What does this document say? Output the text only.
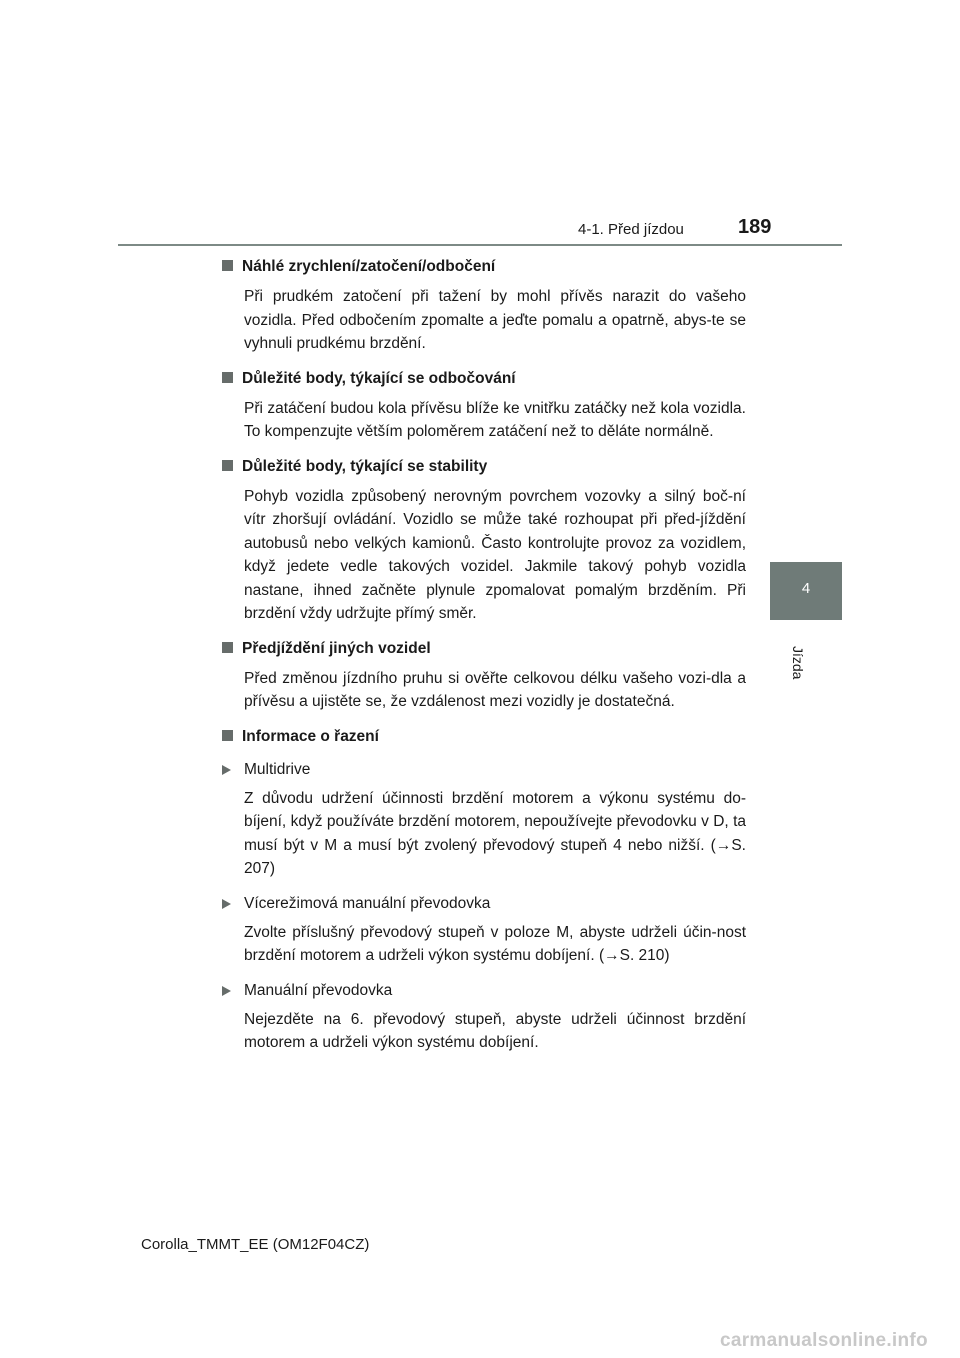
4-1. Před jízdou	189
4
Jízda
Náhlé zrychlení/zatočení/odbočení

Při prudkém zatočení při tažení by mohl přívěs narazit do vašeho vozidla. Před odbočením zpomalte a jeďte pomalu a opatrně, abys-te se vyhnuli prudkému brzdění.

Důležité body, týkající se odbočování

Při zatáčení budou kola přívěsu blíže ke vnitřku zatáčky než kola vozidla. To kompenzujte větším poloměrem zatáčení než to děláte normálně.

Důležité body, týkající se stability

Pohyb vozidla způsobený nerovným povrchem vozovky a silný boč-ní vítr zhoršují ovládání. Vozidlo se může také rozhoupat při před-jíždění autobusů nebo velkých kamionů. Často kontrolujte provoz za vozidlem, když jedete vedle takových vozidel. Jakmile takový pohyb vozidla nastane, ihned začněte plynule zpomalovat pomalým brzděním. Při brzdění vždy udržujte přímý směr.

Předjíždění jiných vozidel

Před změnou jízdního pruhu si ověřte celkovou délku vašeho vozi-dla a přívěsu a ujistěte se, že vzdálenost mezi vozidly je dostatečná.

Informace o řazení
Multidrive

Z důvodu udržení účinnosti brzdění motorem a výkonu systému do-bíjení, když používáte brzdění motorem, nepoužívejte převodovku v D, ta musí být v M a musí být zvolený převodový stupeň 4 nebo nižší. (→S. 207)

Vícerežimová manuální převodovka

Zvolte příslušný převodový stupeň v poloze M, abyste udrželi účin-nost brzdění motorem a udrželi výkon systému dobíjení. (→S. 210)

Manuální převodovka

Nejezděte na 6. převodový stupeň, abyste udrželi účinnost brzdění motorem a udrželi výkon systému dobíjení.

Corolla_TMMT_EE (OM12F04CZ)
carmanualsonline.info
